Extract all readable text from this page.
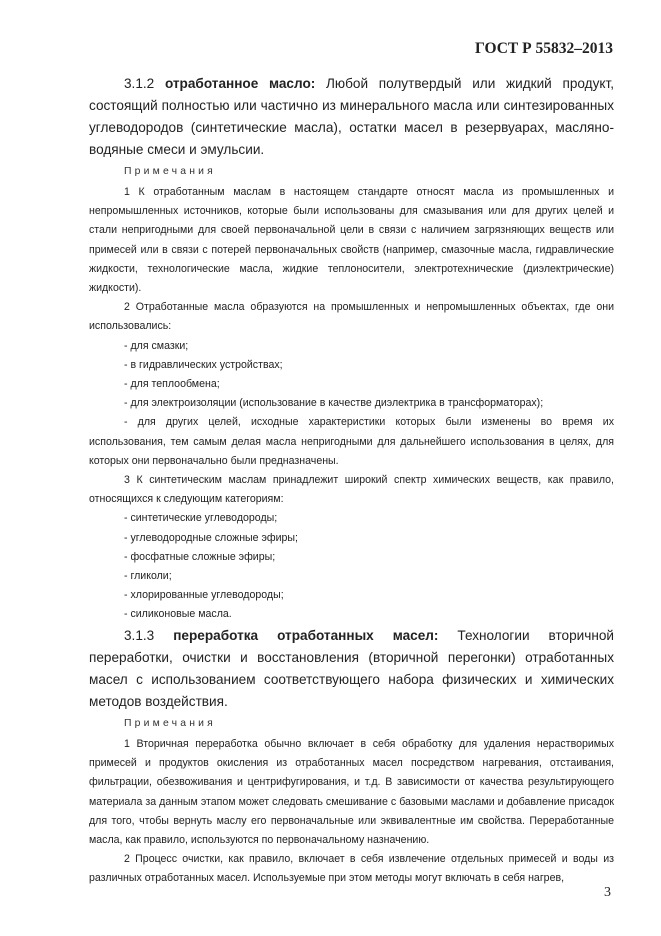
ГОСТ Р 55832–2013

3.1.2 отработанное масло: Любой полутвердый или жидкий продукт, состоящий полностью или частично из минерального масла или синтезированных углеводородов (синтетические масла), остатки масел в резервуарах, масляно-водяные смеси и эмульсии.

Примечания

1 К отработанным маслам в настоящем стандарте относят масла из промышленных и непромышленных источников, которые были использованы для смазывания или для других целей и стали непригодными для своей первоначальной цели в связи с наличием загрязняющих веществ или примесей или в связи с потерей первоначальных свойств (например, смазочные масла, гидравлические жидкости, технологические масла, жидкие теплоносители, электротехнические (диэлектрические) жидкости).

2 Отработанные масла образуются на промышленных и непромышленных объектах, где они использовались:

- для смазки;

- в гидравлических устройствах;

- для теплообмена;

- для электроизоляции (использование в качестве диэлектрика в трансформаторах);

- для других целей, исходные характеристики которых были изменены во время их использования, тем самым делая масла непригодными для дальнейшего использования в целях, для которых они первоначально были предназначены.

3 К синтетическим маслам принадлежит широкий спектр химических веществ, как правило, относящихся к следующим категориям:

- синтетические углеводороды;

- углеводородные сложные эфиры;

- фосфатные сложные эфиры;

- гликоли;

- хлорированные углеводороды;

- силиконовые масла.

3.1.3 переработка отработанных масел: Технологии вторичной переработки, очистки и восстановления (вторичной перегонки) отработанных масел с использованием соответствующего набора физических и химических методов воздействия.

Примечания

1 Вторичная переработка обычно включает в себя обработку для удаления нерастворимых примесей и продуктов окисления из отработанных масел посредством нагревания, отстаивания, фильтрации, обезвоживания и центрифугирования, и т.д. В зависимости от качества результирующего материала за данным этапом может следовать смешивание с базовыми маслами и добавление присадок для того, чтобы вернуть маслу его первоначальные или эквивалентные им свойства. Переработанные масла, как правило, используются по первоначальному назначению.

2 Процесс очистки, как правило, включает в себя извлечение отдельных примесей и воды из различных отработанных масел. Используемые при этом методы могут включать в себя нагрев,

3
